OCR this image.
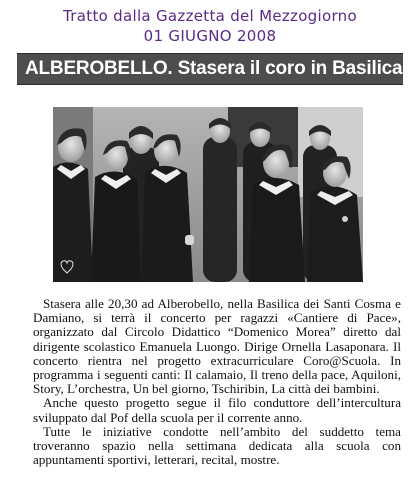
Tratto dalla Gazzetta del Mezzogiorno
01 GIUGNO 2008
ALBEROBELLO. Stasera il coro in Basilica

Stasera alle 20,30 ad Alberobello, nella Basilica dei Santi Cosma e Damiano, si terrà il concerto per ragazzi «Cantiere di Pace», organizzato dal Circolo Didattico “Domenico Morea” diretto dal dirigente scolastico Emanuela Luongo. Dirige Ornella Lasaponara. Il concerto rientra nel progetto extracurriculare Coro@Scuola. In programma i seguenti canti: Il calamaio, Il treno della pace, Aquiloni, Story, L’orchestra, Un bel giorno, Tschiribin, La città dei bambini.

Anche questo progetto segue il filo conduttore dell’intercultura sviluppato dal Pof della scuola per il corrente anno.

Tutte le iniziative condotte nell’ambito del suddetto tema troveranno spazio nella settimana dedicata alla scuola con appuntamenti sportivi, letterari, recital, mostre.
